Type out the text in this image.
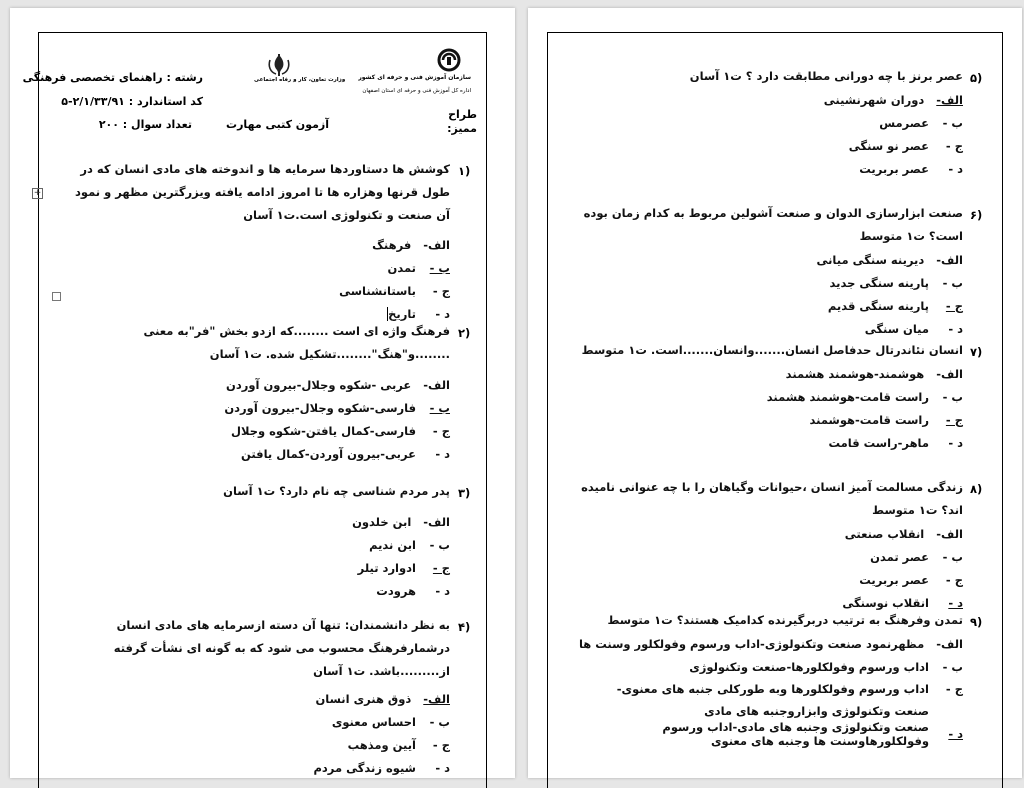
رشته : راهنمای تخصصی فرهنگی
کد استاندارد : ۲/۱/۳۳/۹۱-۵
آزمون کتبی مهارت
تعداد سوال : ۲۰۰
طراح
ممیز:
وزارت تعاون، کار و رفاه اجتماعی سازمان آموزش فنی و حرفه ای کشور
اداره کل آموزش فنی و حرفه ای استان اصفهان
۱)
کوشش ها دستاوردها سرمایه ها و اندوخته های مادی انسان که در طول قرنها وهزاره ها تا امروز ادامه یافته ویزرگترین مظهر و نمود آن صنعت و تکنولوژی است.ت۱ آسان
الف-
فرهنگ
ب -
تمدن
ج -
باستانشناسی
د -
تاریخ
+
۲)
فرهنگ واژه ای است ........که ازدو بخش "فر"به معنی ........و"هنگ"........تشکیل شده. ت۱ آسان
الف-
عربی -شکوه وجلال-بیرون آوردن
ب -
فارسی-شکوه وجلال-بیرون آوردن
ج -
فارسی-کمال یافتن-شکوه وجلال
د -
عربی-بیرون آوردن-کمال یافتن
۳)
پدر مردم شناسی چه نام دارد؟ ت۱ آسان
الف-
ابن خلدون
ب -
ابن ندیم
ج -
ادوارد تیلر
د -
هرودت
۴)
به نظر دانشمندان: تنها آن دسته ازسرمایه های مادی انسان درشمارفرهنگ محسوب می شود که به گونه ای نشأت گرفته از.........باشد. ت۱ آسان
الف-
ذوق هنری انسان
ب -
احساس معنوی
ج -
آیین ومذهب
د -
شیوه زندگی مردم
۵)
عصر برنز با چه دورانی مطابقت دارد ؟ ت۱ آسان
الف-
دوران شهرنشینی
ب -
عصرمس
ج -
عصر نو سنگی
د -
عصر بربریت
۶)
صنعت ابزارسازی الدوان و صنعت آشولین مربوط به کدام زمان بوده است؟ ت۱ متوسط
الف-
دیرینه سنگی میانی
ب -
پارینه سنگی جدید
ج -
پارینه سنگی قدیم
د -
میان سنگی
۷)
انسان نئاندرتال حدفاصل انسان.......وانسان.......است. ت۱ متوسط
الف-
هوشمند-هوشمند هشمند
ب -
راست قامت-هوشمند هشمند
ج -
راست قامت-هوشمند
د -
ماهر-راست قامت
۸)
زندگی مسالمت آمیز انسان ،حیوانات وگیاهان را با چه عنوانی نامیده اند؟ ت۱ متوسط
الف-
انقلاب صنعتی
ب -
عصر تمدن
ج -
عصر بربریت
د -
انقلاب نوسنگی
۹)
تمدن وفرهنگ به ترتیب دربرگیرنده کدامیک هستند؟ ت۱ متوسط
الف-
مظهرنمود صنعت وتکنولوژی-اداب ورسوم وفولکلور وسنت ها
ب -
اداب ورسوم وفولکلورها-صنعت وتکنولوژی
ج -
اداب ورسوم وفولکلورها وبه طورکلی جنبه های معنوی-صنعت وتکنولوژی وابزاروجنبه های مادی
د -
صنعت وتکنولوژی وجنبه های مادی-اداب ورسوم وفولکلورهاوسنت ها وجنبه های معنوی
